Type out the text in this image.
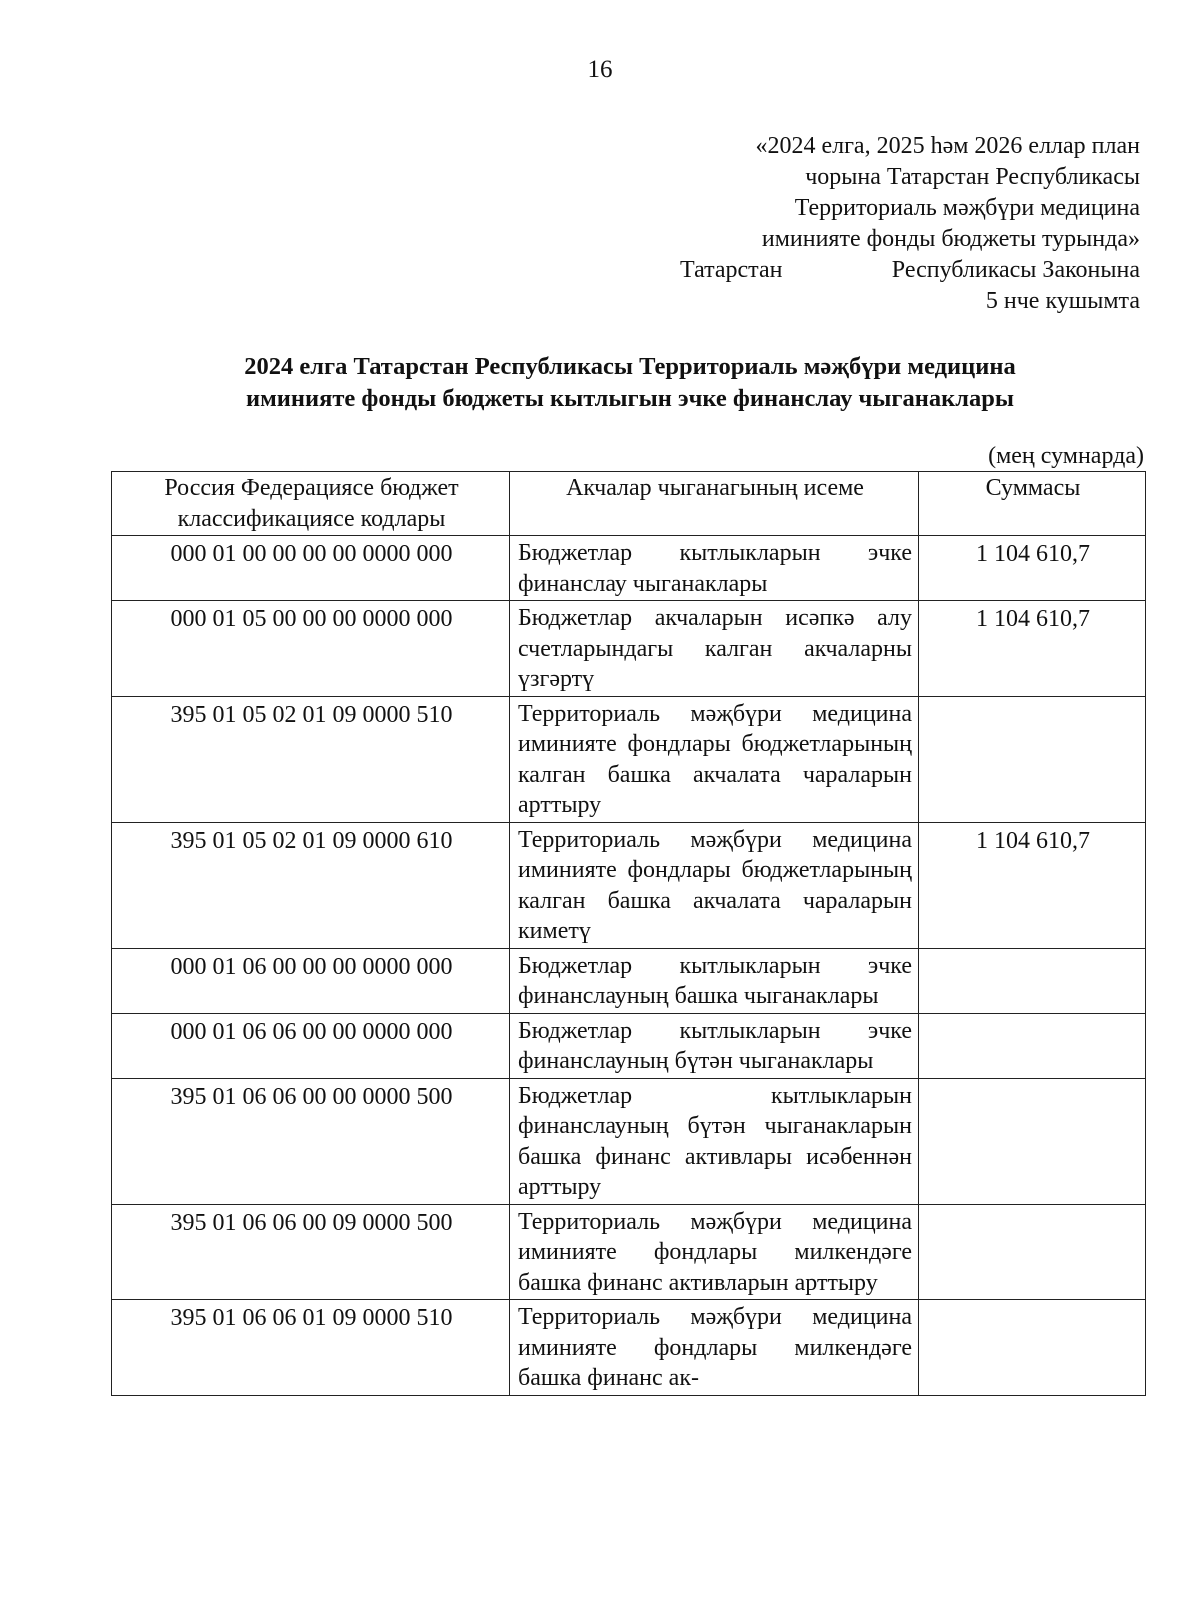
16
«2024 елга, 2025 һәм 2026 еллар план
чорына Татарстан Республикасы
Территориаль мәҗбүри медицина
иминияте фонды бюджеты турында»
Татарстан	Республикасы Законына
5 нче кушымта
2024 елга Татарстан Республикасы Территориаль мәҗбүри медицина
иминияте фонды бюджеты кытлыгын эчке финанслау чыганаклары
(мең сумнарда)
Россия Федерациясе бюджет классификациясе кодлары	Акчалар чыганагының исеме	Суммасы
000 01 00 00 00 00 0000 000	Бюджетлар кытлыкларын эчке финанслау чыганаклары	1 104 610,7
000 01 05 00 00 00 0000 000	Бюджетлар акчаларын исәпкә алу счетларындагы калган акчаларны үзгәртү	1 104 610,7
395 01 05 02 01 09 0000 510	Территориаль мәҗбүри медицина иминияте фондлары бюджетларының калган башка акчалата чараларын арттыру	
395 01 05 02 01 09 0000 610	Территориаль мәҗбүри медицина иминияте фондлары бюджетларының калган башка акчалата чараларын киметү	1 104 610,7
000 01 06 00 00 00 0000 000	Бюджетлар кытлыкларын эчке финанслауның башка чыганаклары	
000 01 06 06 00 00 0000 000	Бюджетлар кытлыкларын эчке финанслауның бүтән чыганаклары	
395 01 06 06 00 00 0000 500	Бюджетлар кытлыкларын финанслауның бүтән чыганакларын башка финанс активлары исәбеннән арттыру	
395 01 06 06 00 09 0000 500	Территориаль мәҗбүри медицина иминияте фондлары милкендәге башка финанс активларын арттыру	
395 01 06 06 01 09 0000 510	Территориаль мәҗбүри медицина иминияте фондлары милкендәге башка финанс ак-	
